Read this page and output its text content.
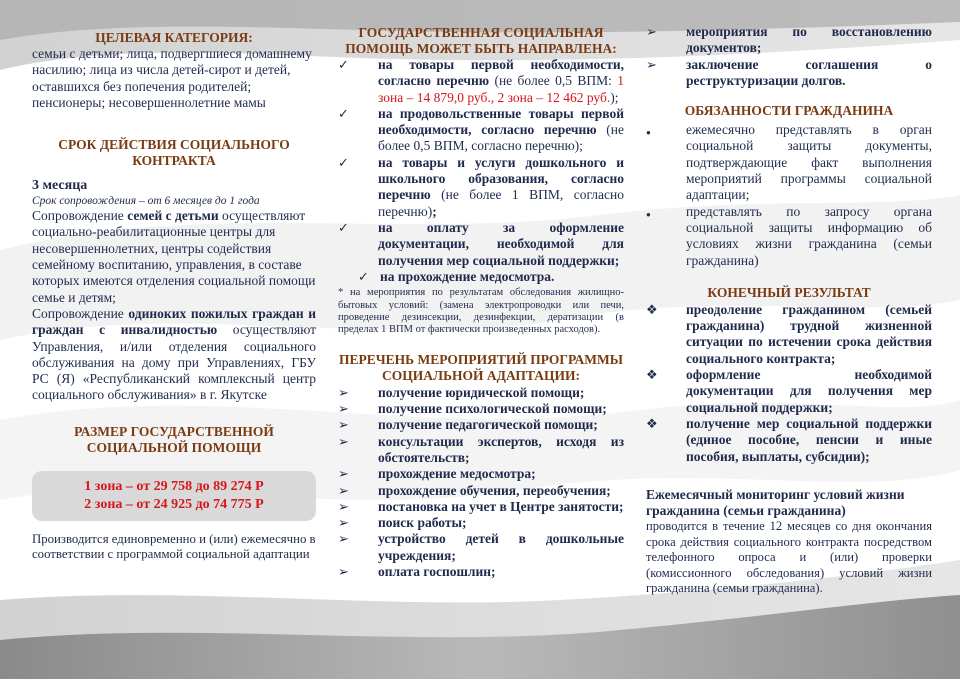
ЦЕЛЕВАЯ КАТЕГОРИЯ:
семьи с детьми; лица, подвергшиеся домашнему насилию; лица из числа детей-сирот и детей, оставшихся без попечения родителей; пенсионеры; несовершеннолетние мамы
СРОК ДЕЙСТВИЯ СОЦИАЛЬНОГО КОНТРАКТА
3 месяца
Срок сопровождения – от 6 месяцев до 1 года
Сопровождение семей с детьми осуществляют социально-реабилитационные центры для несовершеннолетних, центры содействия семейному воспитанию, управления, в составе которых имеются отделения социальной помощи семье и детям;
Сопровождение одиноких пожилых граждан и граждан с инвалидностью осуществляют Управления, и/или отделения социального обслуживания на дому при Управлениях, ГБУ РС (Я) «Республиканский комплексный центр социального обслуживания» в г. Якутске
РАЗМЕР ГОСУДАРСТВЕННОЙ СОЦИАЛЬНОЙ ПОМОЩИ
1 зона – от 29 758 до 89 274 Р
2 зона – от 24 925 до 74 775 Р
Производится единовременно и (или) ежемесячно в соответствии с программой социальной адаптации
ГОСУДАРСТВЕННАЯ СОЦИАЛЬНАЯ ПОМОЩЬ МОЖЕТ БЫТЬ НАПРАВЛЕНА:
✓	на товары первой необходимости, согласно перечню (не более 0,5 ВПМ: 1 зона – 14 879,0 руб., 2 зона – 12 462 руб.);
✓	на продовольственные товары первой необходимости, согласно перечню (не более 0,5 ВПМ, согласно перечню);
✓	на товары и услуги дошкольного и школьного образования, согласно перечню (не более 1 ВПМ, согласно перечню);
✓	на оплату за оформление документации, необходимой для получения мер социальной поддержки;
✓ на прохождение медосмотра.
* на мероприятия по результатам обследования жилищно-бытовых условий: (замена электропроводки или печи, проведение дезинсекции, дезинфекции, дератизации (в пределах 1 ВПМ от фактически произведенных расходов).
ПЕРЕЧЕНЬ МЕРОПРИЯТИЙ ПРОГРАММЫ СОЦИАЛЬНОЙ АДАПТАЦИИ:
➢	получение юридической помощи;
➢	получение психологической помощи;
➢	получение педагогической помощи;
➢	консультации экспертов, исходя из обстоятельств;
➢	прохождение медосмотра;
➢	прохождение обучения, переобучения;
➢	постановка на учет в Центре занятости;
➢	поиск работы;
➢	устройство детей в дошкольные учреждения;
➢	оплата госпошлин;
➢	мероприятия по восстановлению документов;
➢	заключение соглашения о реструктуризации долгов.
ОБЯЗАННОСТИ ГРАЖДАНИНА
●	ежемесячно представлять в орган социальной защиты документы, подтверждающие факт выполнения мероприятий программы социальной адаптации;
●	представлять по запросу органа социальной защиты информацию об условиях жизни гражданина (семьи гражданина)
КОНЕЧНЫЙ РЕЗУЛЬТАТ
❖	преодоление гражданином (семьей гражданина) трудной жизненной ситуации по истечении срока действия социального контракта;
❖	оформление необходимой документации для получения мер социальной поддержки;
❖	получение мер социальной поддержки (единое пособие, пенсии и иные пособия, выплаты, субсидии);
Ежемесячный мониторинг условий жизни гражданина (семьи гражданина)
проводится в течение 12 месяцев со дня окончания срока действия социального контракта посредством телефонного опроса и (или) проверки (комиссионного обследования) условий жизни гражданина (семьи гражданина).
